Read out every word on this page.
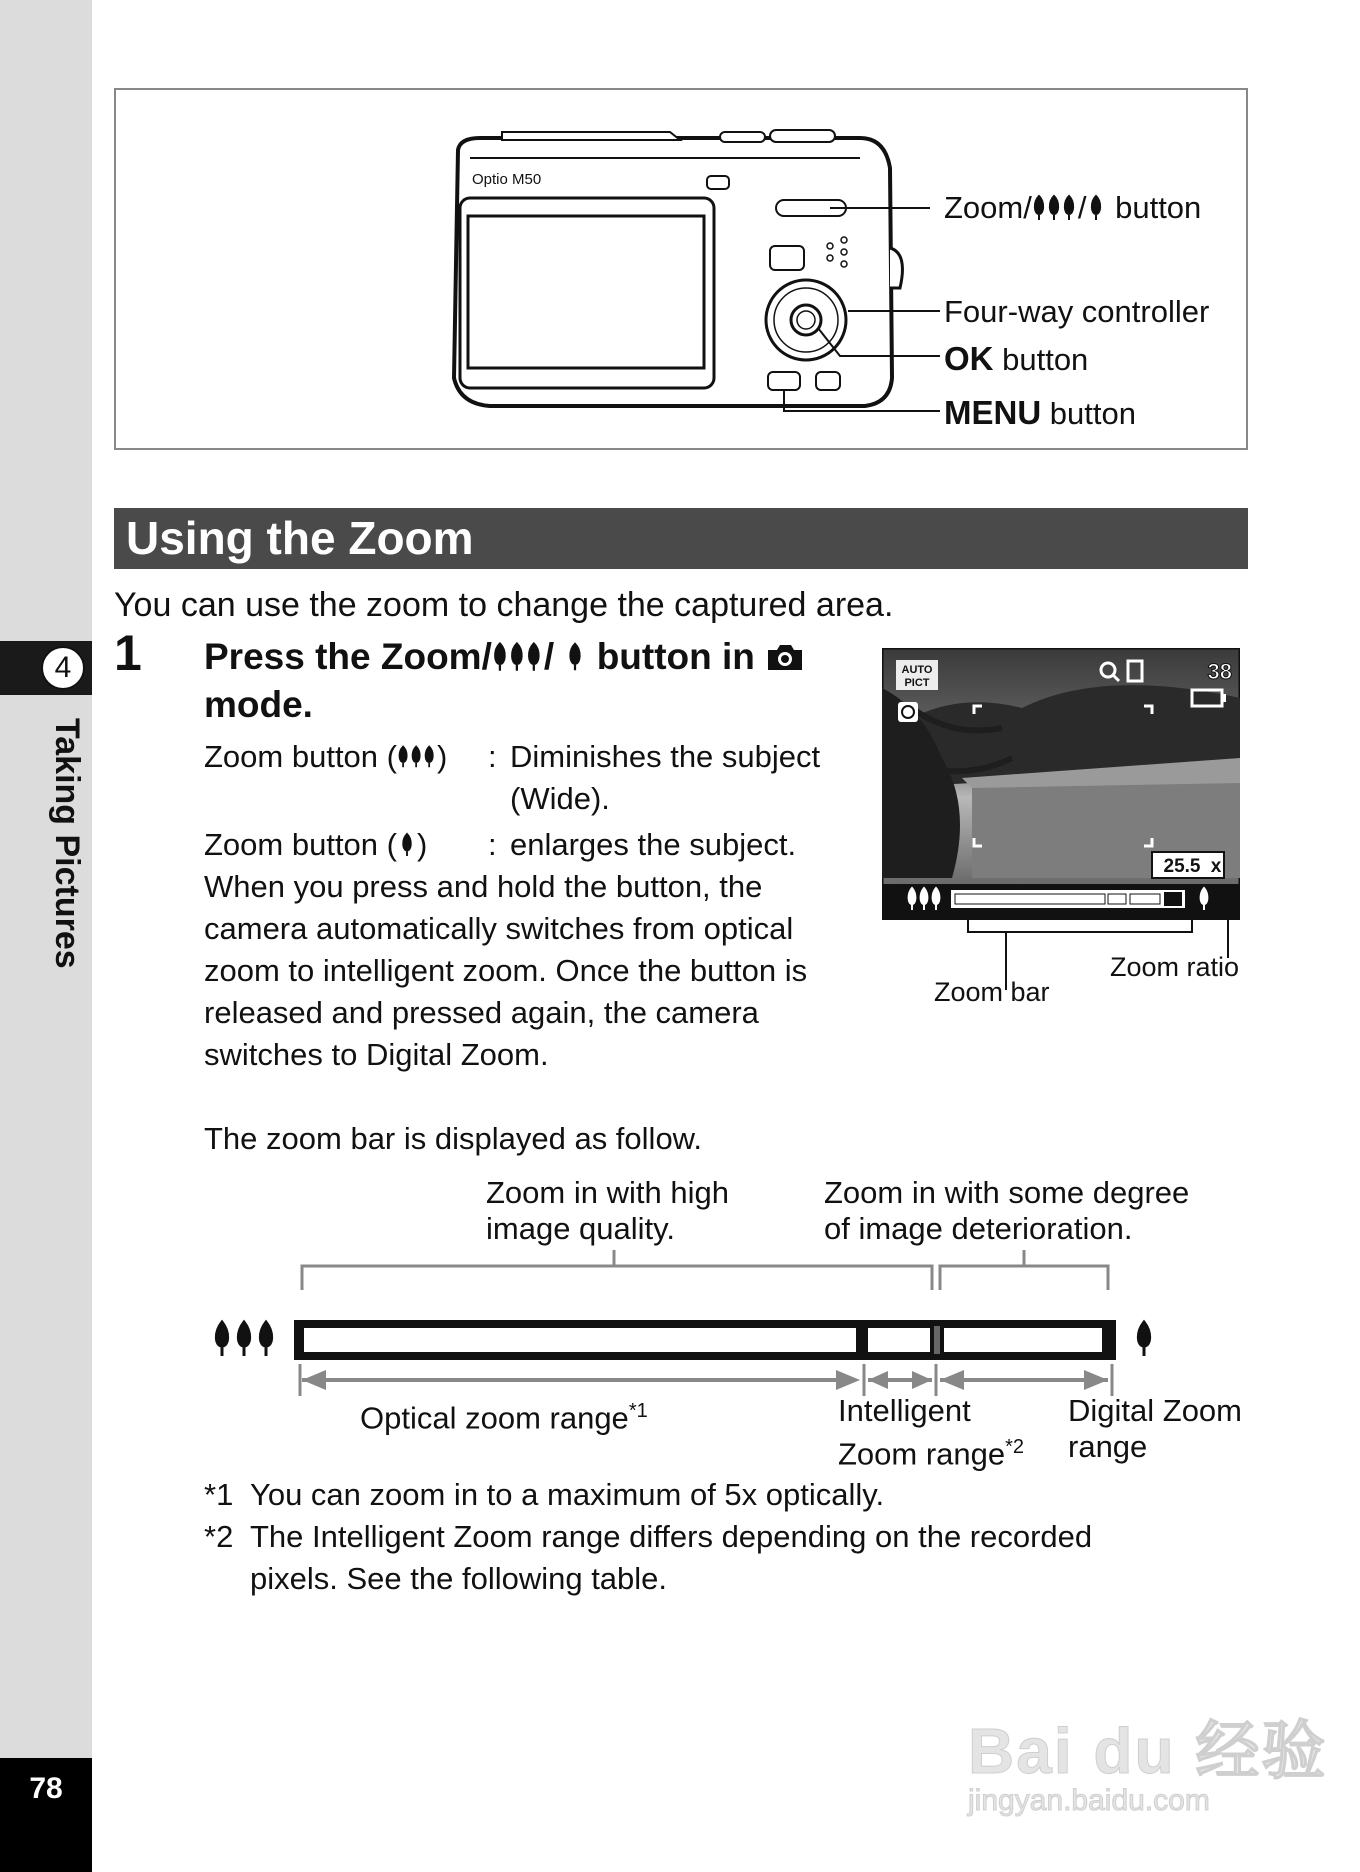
4
Taking Pictures
78
Optio M50
Zoom/ / button
Four-way controller
OK button
MENU button
Using the Zoom
You can use the zoom to change the captured area.
1 Press the Zoom/ /  button in
mode.
Zoom button ( ) : Diminishes the subject
(Wide).
Zoom button ( ) : enlarges the subject.
When you press and hold the button, the
camera automatically switches from optical
zoom to intelligent zoom. Once the button is
released and pressed again, the camera
switches to Digital Zoom.
The zoom bar is displayed as follow.
AUTO
PICT	38
25.5 x
Zoom bar
Zoom ratio
Zoom in with high
image quality.
Zoom in with some degree
of image deterioration.
Optical zoom range$^{*1}$	Intelligent
Zoom range$^{*2}$
Digital Zoom
range
*1 You can zoom in to a maximum of 5x optically.
*2 The Intelligent Zoom range differs depending on the recorded
pixels. See the following table.
Bai du 经验
jingyan.baidu.com
